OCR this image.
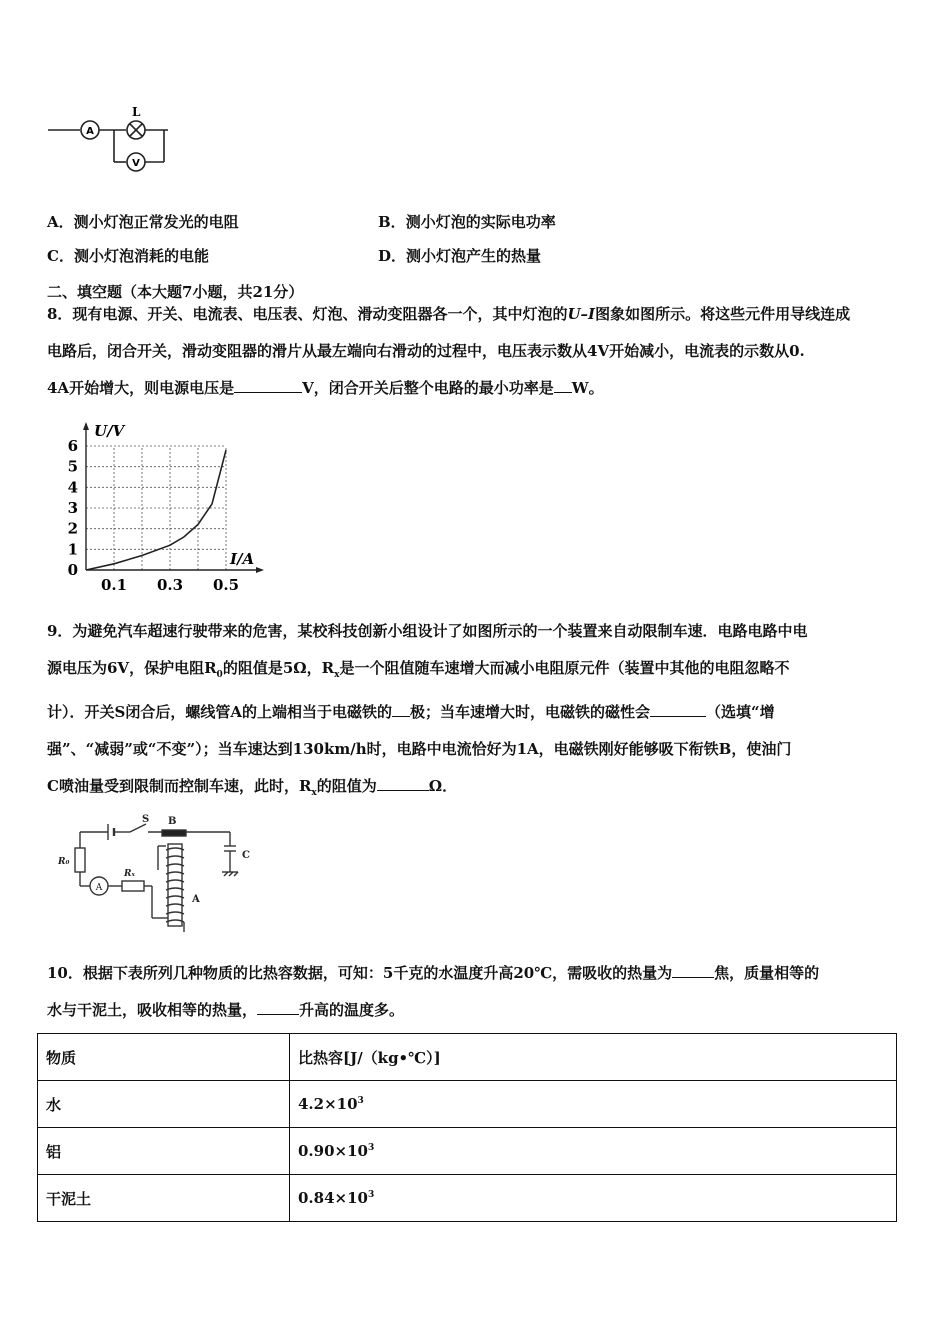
A
V
L
A．测小灯泡正常发光的电阻	B．测小灯泡的实际电功率
C．测小灯泡消耗的电能	D．测小灯泡产生的热量
二、填空题（本大题7小题，共21分）
8．现有电源、开关、电流表、电压表、灯泡、滑动变阻器各一个，其中灯泡的U–I图象如图所示。将这些元件用导线连成
电路后，闭合开关，滑动变阻器的滑片从最左端向右滑动的过程中，电压表示数从4V开始减小，电流表的示数从0.
4A开始增大，则电源电压是	V，闭合开关后整个电路的最小功率是 W。
0
1
2
3
4
5
6
0.1 0.3 0.5
U/V
I/A
9．为避免汽车超速行驶带来的危害，某校科技创新小组设计了如图所示的一个装置来自动限制车速．电路电路中电
源电压为6V，保护电阻$R_0$的阻值是5Ω，$R_x$是一个阻值随车速增大而减小电阻原元件（装置中其他的电阻忽略不
计）．开关S闭合后，螺线管A的上端相当于电磁铁的 极；当车速增大时，电磁铁的磁性会	（选填“增
强”、“减弱”或“不变”）；当车速达到130km/h时，电路中电流恰好为1A，电磁铁刚好能够吸下衔铁B，使油门
C喷油量受到限制而控制车速，此时，$R_x$的阻值为	Ω．
S B
C
A
R₀
Rₓ
A
10．根据下表所列几种物质的比热容数据，可知：5千克的水温度升高20℃，需吸收的热量为	焦，质量相等的
水与干泥土，吸收相等的热量，	升高的温度多。
物质	比热容[J/（kg•℃）]
水	$4.2\times 10^3$
铝	$0.90\times 10^3$
干泥土	$0.84\times 10^3$
